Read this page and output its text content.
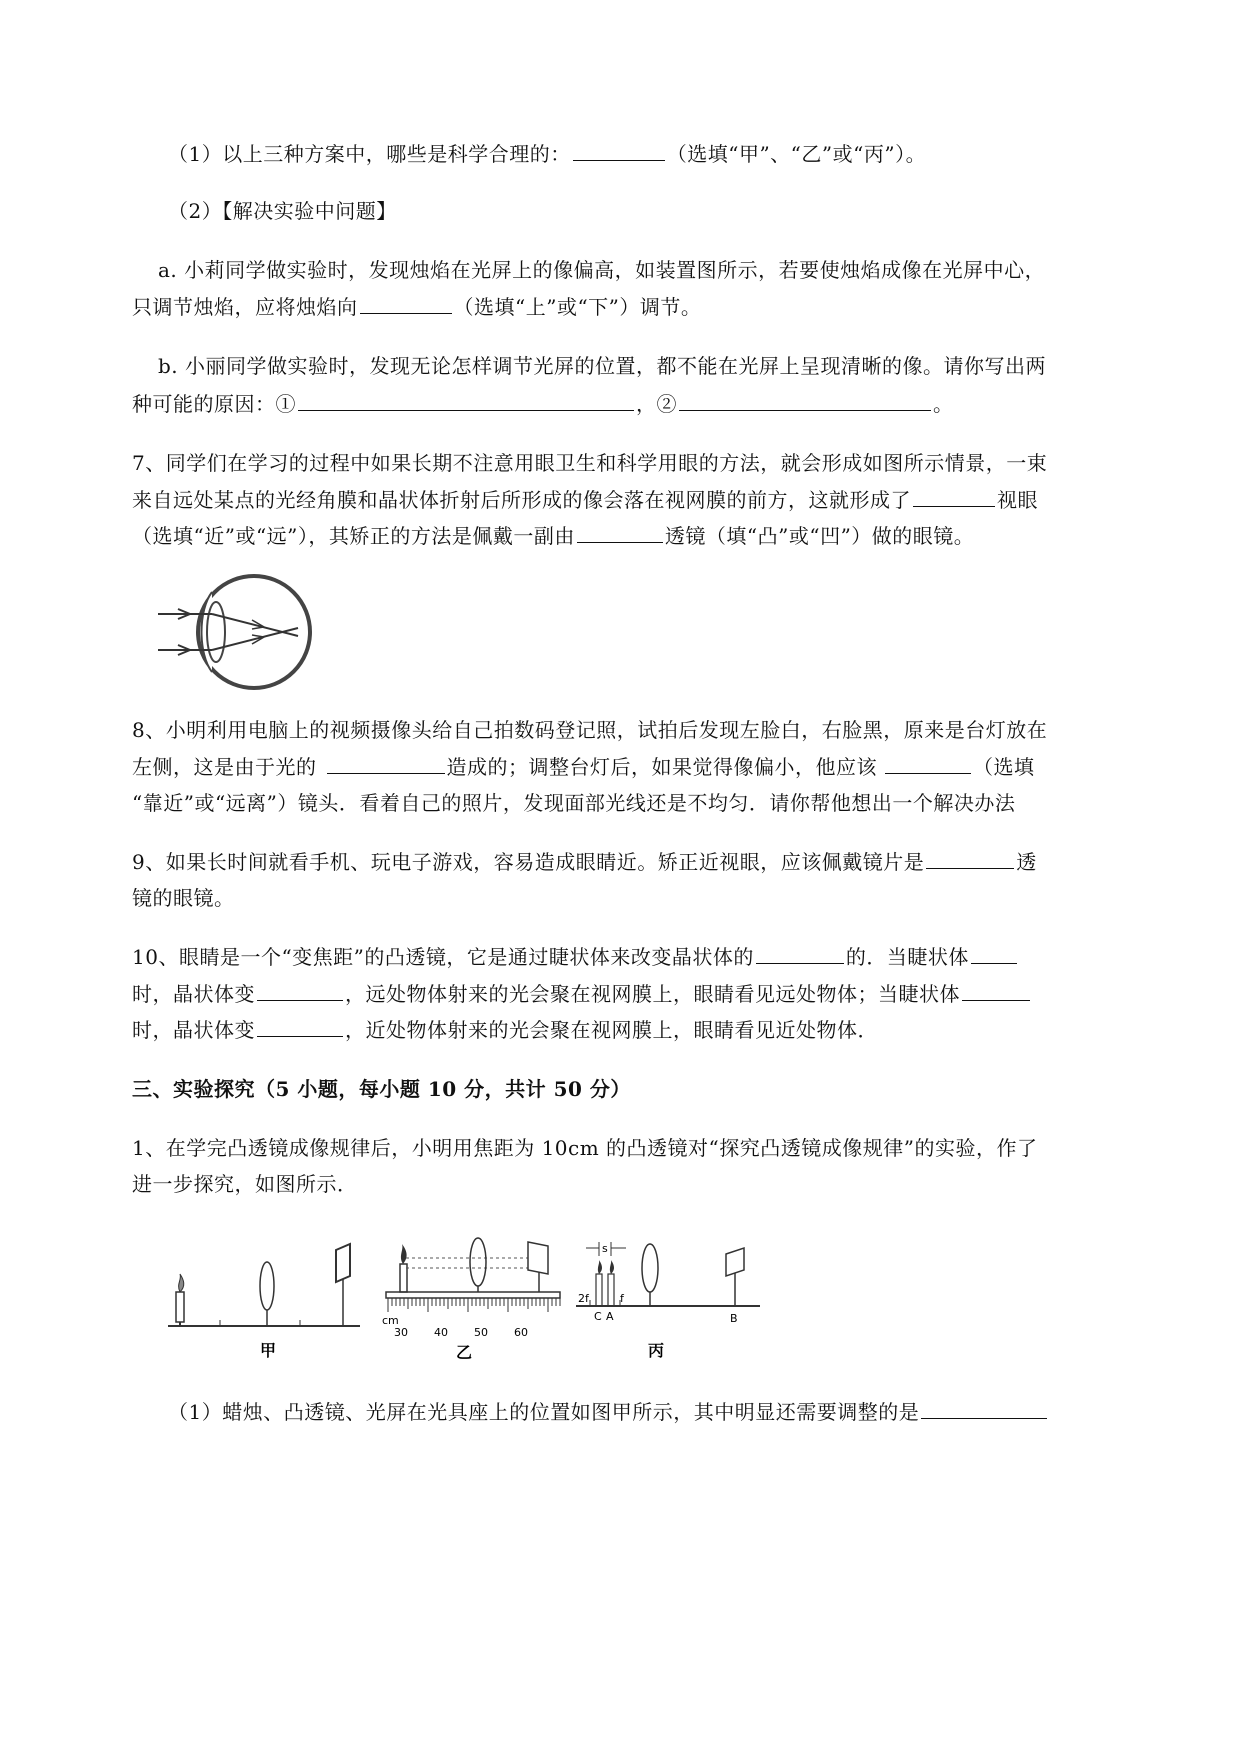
（1）以上三种方案中，哪些是科学合理的：	（选填“甲”、“乙”或“丙”）。
（2）【解决实验中问题】
a. 小莉同学做实验时，发现烛焰在光屏上的像偏高，如装置图所示，若要使烛焰成像在光屏中心，
只调节烛焰，应将烛焰向	（选填“上”或“下”）调节。
b. 小丽同学做实验时，发现无论怎样调节光屏的位置，都不能在光屏上呈现清晰的像。请你写出两
种可能的原因：①	，②	。
7、同学们在学习的过程中如果长期不注意用眼卫生和科学用眼的方法，就会形成如图所示情景，一束
来自远处某点的光经角膜和晶状体折射后所形成的像会落在视网膜的前方，这就形成了	视眼
（选填“近”或“远”），其矫正的方法是佩戴一副由	透镜（填“凸”或“凹”）做的眼镜。
8、小明利用电脑上的视频摄像头给自己拍数码登记照，试拍后发现左脸白，右脸黑，原来是台灯放在
左侧，这是由于光的	造成的；调整台灯后，如果觉得像偏小，他应该	（选填
“靠近”或“远离”）镜头．看着自己的照片，发现面部光线还是不均匀．请你帮他想出一个解决办法
9、如果长时间就看手机、玩电子游戏，容易造成眼睛近。矫正近视眼，应该佩戴镜片是	透
镜的眼镜。
10、眼睛是一个“变焦距”的凸透镜，它是通过睫状体来改变晶状体的	的．当睫状体
时，晶状体变	，远处物体射来的光会聚在视网膜上，眼睛看见远处物体；当睫状体
时，晶状体变	，近处物体射来的光会聚在视网膜上，眼睛看见近处物体．
三、实验探究（5 小题，每小题 10 分，共计 50 分）
1、在学完凸透镜成像规律后，小明用焦距为 10cm 的凸透镜对“探究凸透镜成像规律”的实验，作了
进一步探究，如图所示．
甲
cm
30 40 50 60
乙
s
2f
C A
f
B
丙
（1）蜡烛、凸透镜、光屏在光具座上的位置如图甲所示，其中明显还需要调整的是
